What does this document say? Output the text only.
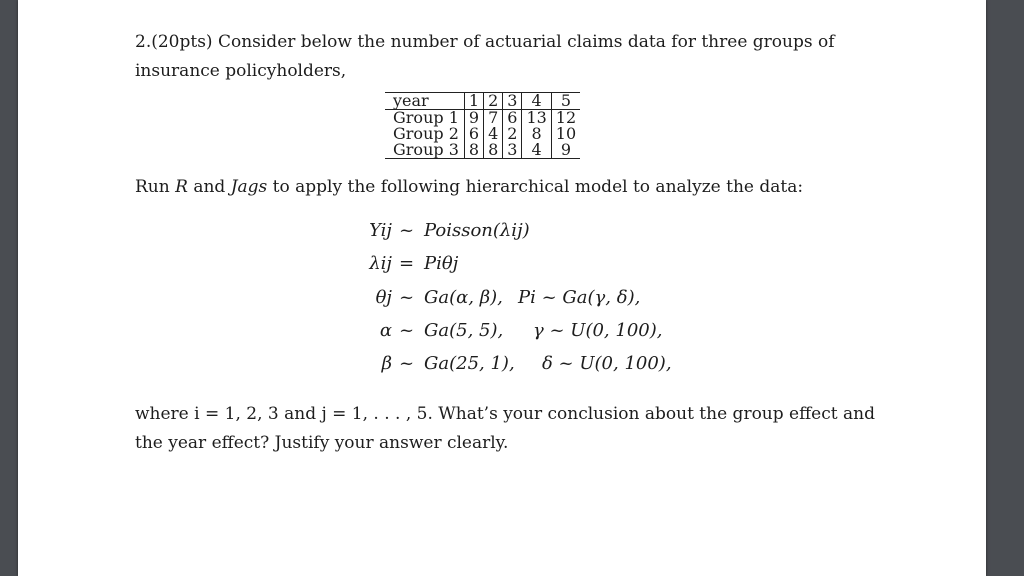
2.(20pts) Consider below the number of actuarial claims data for three groups of insurance policyholders,
year	1	2	3	4	5
Group 1	9	7	6	13	12
Group 2	6	4	2	8	10
Group 3	8	8	3	4	9
Run R and Jags to apply the following hierarchical model to analyze the data:
Yij ~ Poisson(λij)
λij = Piθj
θj ~ Ga(α, β), Pi ~ Ga(γ, δ),
α ~ Ga(5, 5), γ ~ U(0, 100),
β ~ Ga(25, 1), δ ~ U(0, 100),
where i = 1, 2, 3 and j = 1, . . . , 5. What’s your conclusion about the group effect and the year effect? Justify your answer clearly.
